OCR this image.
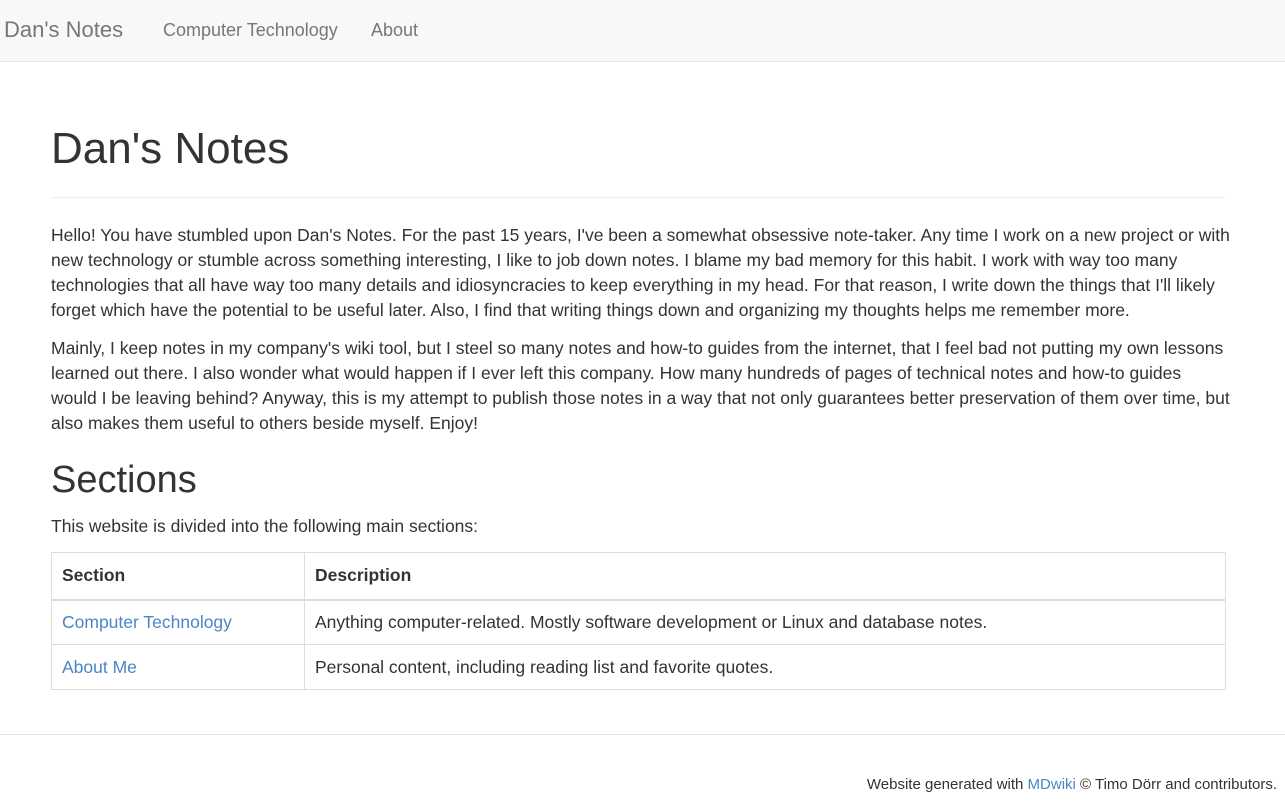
Dan's Notes Computer Technology About
Dan's Notes

Hello! You have stumbled upon Dan's Notes. For the past 15 years, I've been a somewhat obsessive note-taker. Any time I work on a new project or with new technology or stumble across something interesting, I like to job down notes. I blame my bad memory for this habit. I work with way too many technologies that all have way too many details and idiosyncracies to keep everything in my head. For that reason, I write down the things that I'll likely forget which have the potential to be useful later. Also, I find that writing things down and organizing my thoughts helps me remember more.

Mainly, I keep notes in my company's wiki tool, but I steel so many notes and how-to guides from the internet, that I feel bad not putting my own lessons learned out there. I also wonder what would happen if I ever left this company. How many hundreds of pages of technical notes and how-to guides would I be leaving behind? Anyway, this is my attempt to publish those notes in a way that not only guarantees better preservation of them over time, but also makes them useful to others beside myself. Enjoy!

Sections

This website is divided into the following main sections:

Section	Description
Computer Technology	Anything computer-related. Mostly software development or Linux and database notes.
About Me	Personal content, including reading list and favorite quotes.
Website generated with MDwiki © Timo Dörr and contributors.
